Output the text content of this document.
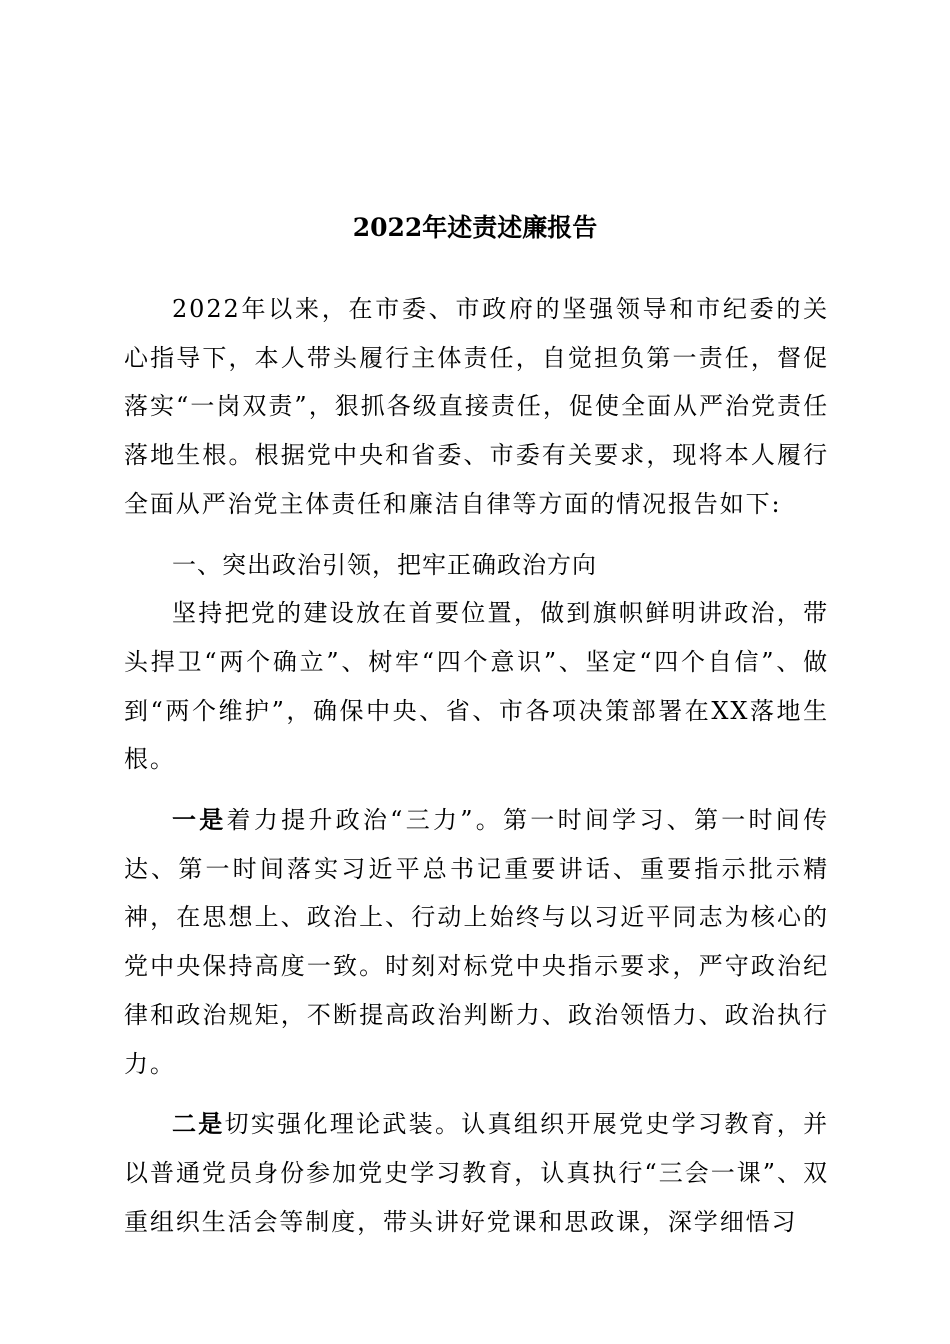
2022年述责述廉报告

2022年以来，在市委、市政府的坚强领导和市纪委的关心指导下，本人带头履行主体责任，自觉担负第一责任，督促落实“一岗双责”，狠抓各级直接责任，促使全面从严治党责任落地生根。根据党中央和省委、市委有关要求，现将本人履行全面从严治党主体责任和廉洁自律等方面的情况报告如下:

一、突出政治引领，把牢正确政治方向

坚持把党的建设放在首要位置，做到旗帜鲜明讲政治，带头捍卫“两个确立”、树牢“四个意识”、坚定“四个自信”、做到“两个维护”，确保中央、省、市各项决策部署在XX落地生根。

一是着力提升政治“三力”。第一时间学习、第一时间传达、第一时间落实习近平总书记重要讲话、重要指示批示精神，在思想上、政治上、行动上始终与以习近平同志为核心的党中央保持高度一致。时刻对标党中央指示要求，严守政治纪律和政治规矩，不断提高政治判断力、政治领悟力、政治执行力。

二是切实强化理论武装。认真组织开展党史学习教育，并以普通党员身份参加党史学习教育，认真执行“三会一课”、双重组织生活会等制度，带头讲好党课和思政课，深学细悟习
